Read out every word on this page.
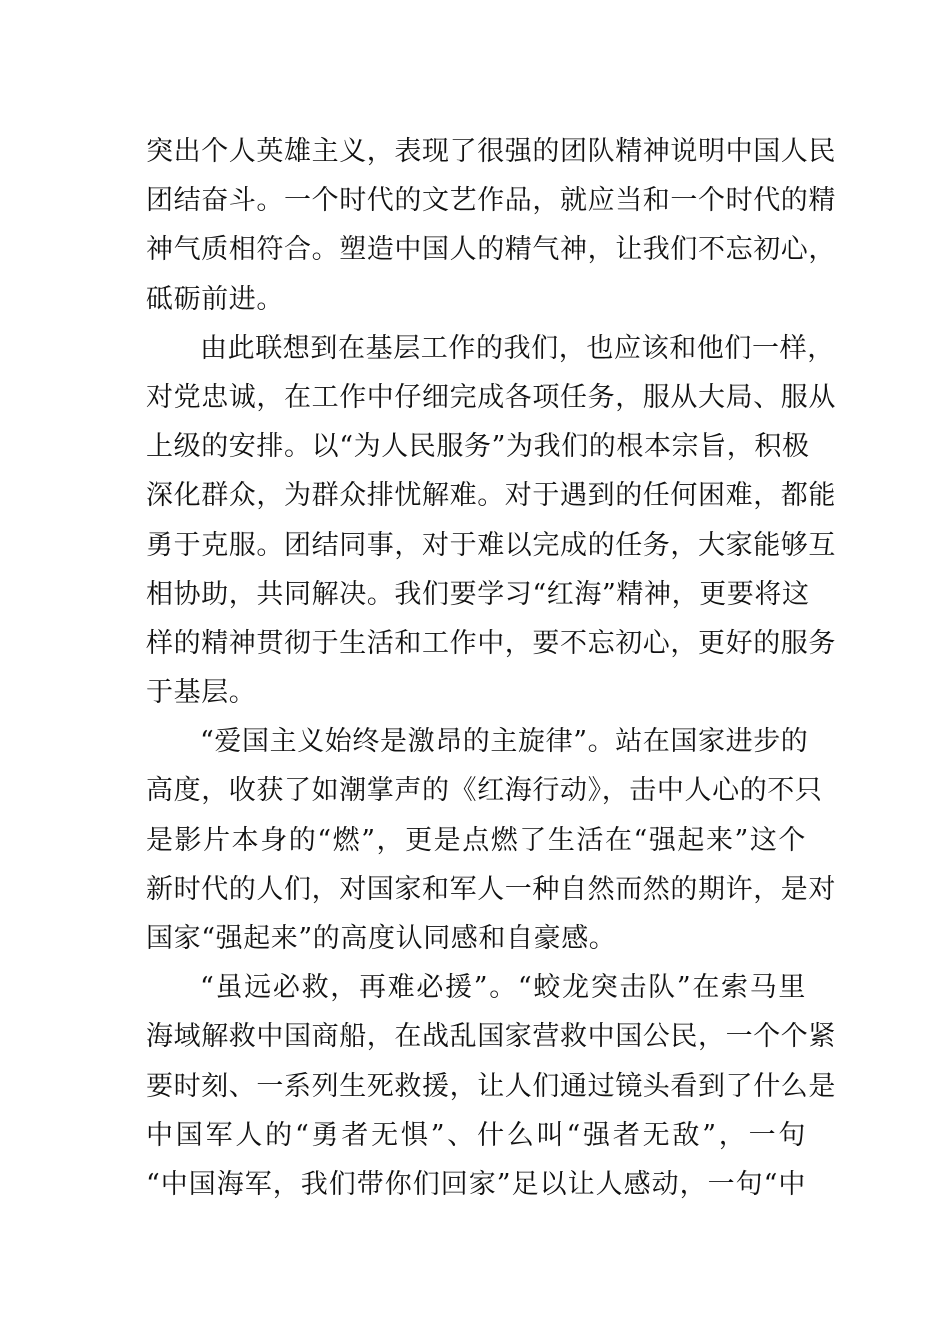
突出个人英雄主义，表现了很强的团队精神说明中国人民
团结奋斗。一个时代的文艺作品，就应当和一个时代的精
神气质相符合。塑造中国人的精气神，让我们不忘初心，
砥砺前进。
由此联想到在基层工作的我们，也应该和他们一样，
对党忠诚，在工作中仔细完成各项任务，服从大局、服从
上级的安排。以“为人民服务”为我们的根本宗旨，积极
深化群众，为群众排忧解难。对于遇到的任何困难，都能
勇于克服。团结同事，对于难以完成的任务，大家能够互
相协助，共同解决。我们要学习“红海”精神，更要将这
样的精神贯彻于生活和工作中，要不忘初心，更好的服务
于基层。
“爱国主义始终是激昂的主旋律”。站在国家进步的
高度，收获了如潮掌声的《红海行动》，击中人心的不只
是影片本身的“燃”，更是点燃了生活在“强起来”这个
新时代的人们，对国家和军人一种自然而然的期许，是对
国家“强起来”的高度认同感和自豪感。
“虽远必救，再难必援”。“蛟龙突击队”在索马里
海域解救中国商船，在战乱国家营救中国公民，一个个紧
要时刻、一系列生死救援，让人们通过镜头看到了什么是
中国军人的“勇者无惧”、什么叫“强者无敌”，一句
“中国海军，我们带你们回家”足以让人感动，一句“中
